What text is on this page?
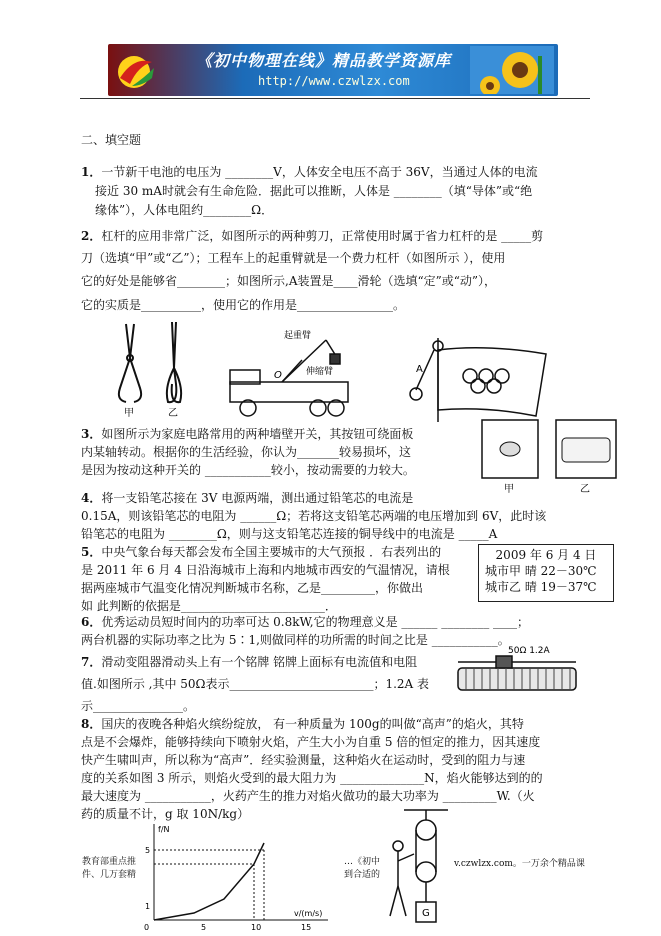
《初中物理在线》精品教学资源库
http://www.czwlzx.com
二、填空题
1．一节新干电池的电压为 ________V，人体安全电压不高于 36V，当通过人体的电流
接近 30 mA时就会有生命危险．据此可以推断，人体是 ________（填“导体”或“绝
缘体”），人体电阻约________Ω．
2．杠杆的应用非常广泛，如图所示的两种剪刀，正常使用时属于省力杠杆的是 _____剪
刀（选填“甲”或“乙”）；工程车上的起重臂就是一个费力杠杆（如图所示 ），使用
它的好处是能够省________；如图所示,A装置是____滑轮（选填“定”或“动”），
它的实质是__________，使用它的作用是________________。
甲	乙
起重臂
伸缩臂
O
A
3．如图所示为家庭电路常用的两种墙壁开关，其按钮可绕面板
内某轴转动。根据你的生活经验，你认为_______较易损坏，这
是因为按动这种开关的 ___________较小，按动需要的力较大。
甲	乙
4．将一支铅笔芯接在 3V 电源两端，测出通过铅笔芯的电流是
0.15A，则该铅笔芯的电阻为 ______Ω；若将这支铅笔芯两端的电压增加到 6V，此时该
铅笔芯的电阻为 ________Ω，则与这支铅笔芯连接的铜导线中的电流是 _____A
5．中央气象台每天都会发布全国主要城市的大气预报 ．右表列出的
是 2011 年 6 月 4 日沿海城市上海和内地城市西安的气温情况，请根
据两座城市气温变化情况判断城市名称，乙是_________，你做出
如 此判断的依据是________________________．
2009 年 6 月 4 日
城市甲 晴 22－30℃
城市乙 晴 19－37℃
6．优秀运动员短时间内的功率可达 0.8kW,它的物理意义是 ______ ________ ____；
两台机器的实际功率之比为 5∶1,则做同样的功所需的时间之比是 ___________。
7．滑动变阻器滑动头上有一个铭牌 铭牌上面标有电流值和电阻
值.如图所示 ,其中 50Ω表示________________________；1.2A 表
示_______________。
50Ω 1.2A
8．国庆的夜晚各种焰火缤纷绽放， 有一种质量为 100g的叫做“高声”的焰火，其特
点是不会爆炸，能够持续向下喷射火焰，产生大小为自重 5 倍的恒定的推力，因其速度
快产生啸叫声，所以称为“高声”．经实验测量，这种焰火在运动时，受到的阻力与速
度的关系如图 3 所示，则焰火受到的最大阻力为 ______________N，焰火能够达到的的
最大速度为 ___________，火药产生的推力对焰火做功的最大功率为 _________W.（火
药的质量不计，g 取 10N/kg）
教育部重点推
件、几万套精
5	10	15
1
5
f/N
v/(m/s)
0
G
…《初中
到合适的
v.czwlzx.com。一万余个精品课
